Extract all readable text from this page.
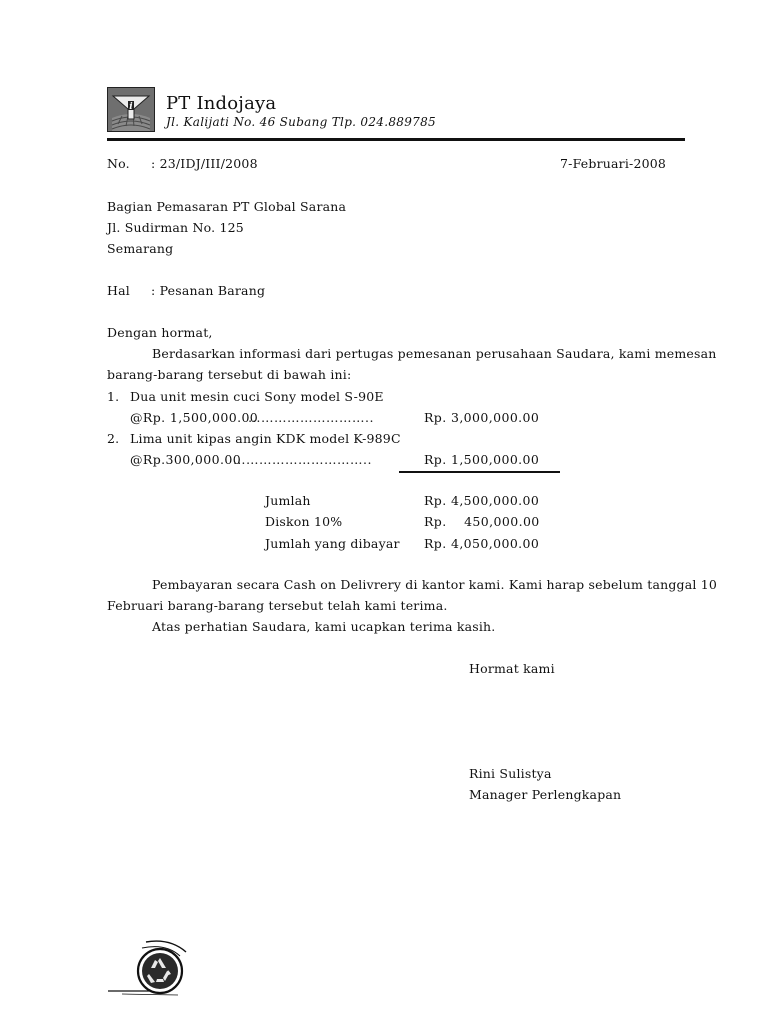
i PT Indojaya
Jl. Kalijati No. 46 Subang Tlp. 024.889785
No. : 23/IDJ/III/2008	7-Februari-2008
Bagian Pemasaran PT Global Sarana
Jl. Sudirman No. 125
Semarang
Hal : Pesanan Barang
Dengan hormat,
Berdasarkan informasi dari pertugas pemesanan perusahaan Saudara, kami memesan
barang-barang tersebut di bawah ini:
1. Dua unit mesin cuci Sony model S-90E
@Rp. 1,500,000.00
………………………..	Rp. 3,000,000.00
2. Lima unit kipas angin KDK model K-989C
@Rp.300,000.00
…………………………..	Rp. 1,500,000.00
Jumlah	Rp. 4,500,000.00
Diskon 10%	Rp.    450,000.00
Jumlah yang dibayar Rp. 4,050,000.00
Pembayaran secara Cash on Delivrery di kantor kami. Kami harap sebelum tanggal 10
Februari barang-barang tersebut telah kami terima.
Atas perhatian Saudara, kami ucapkan terima kasih.
Hormat kami
Rini Sulistya
Manager Perlengkapan
